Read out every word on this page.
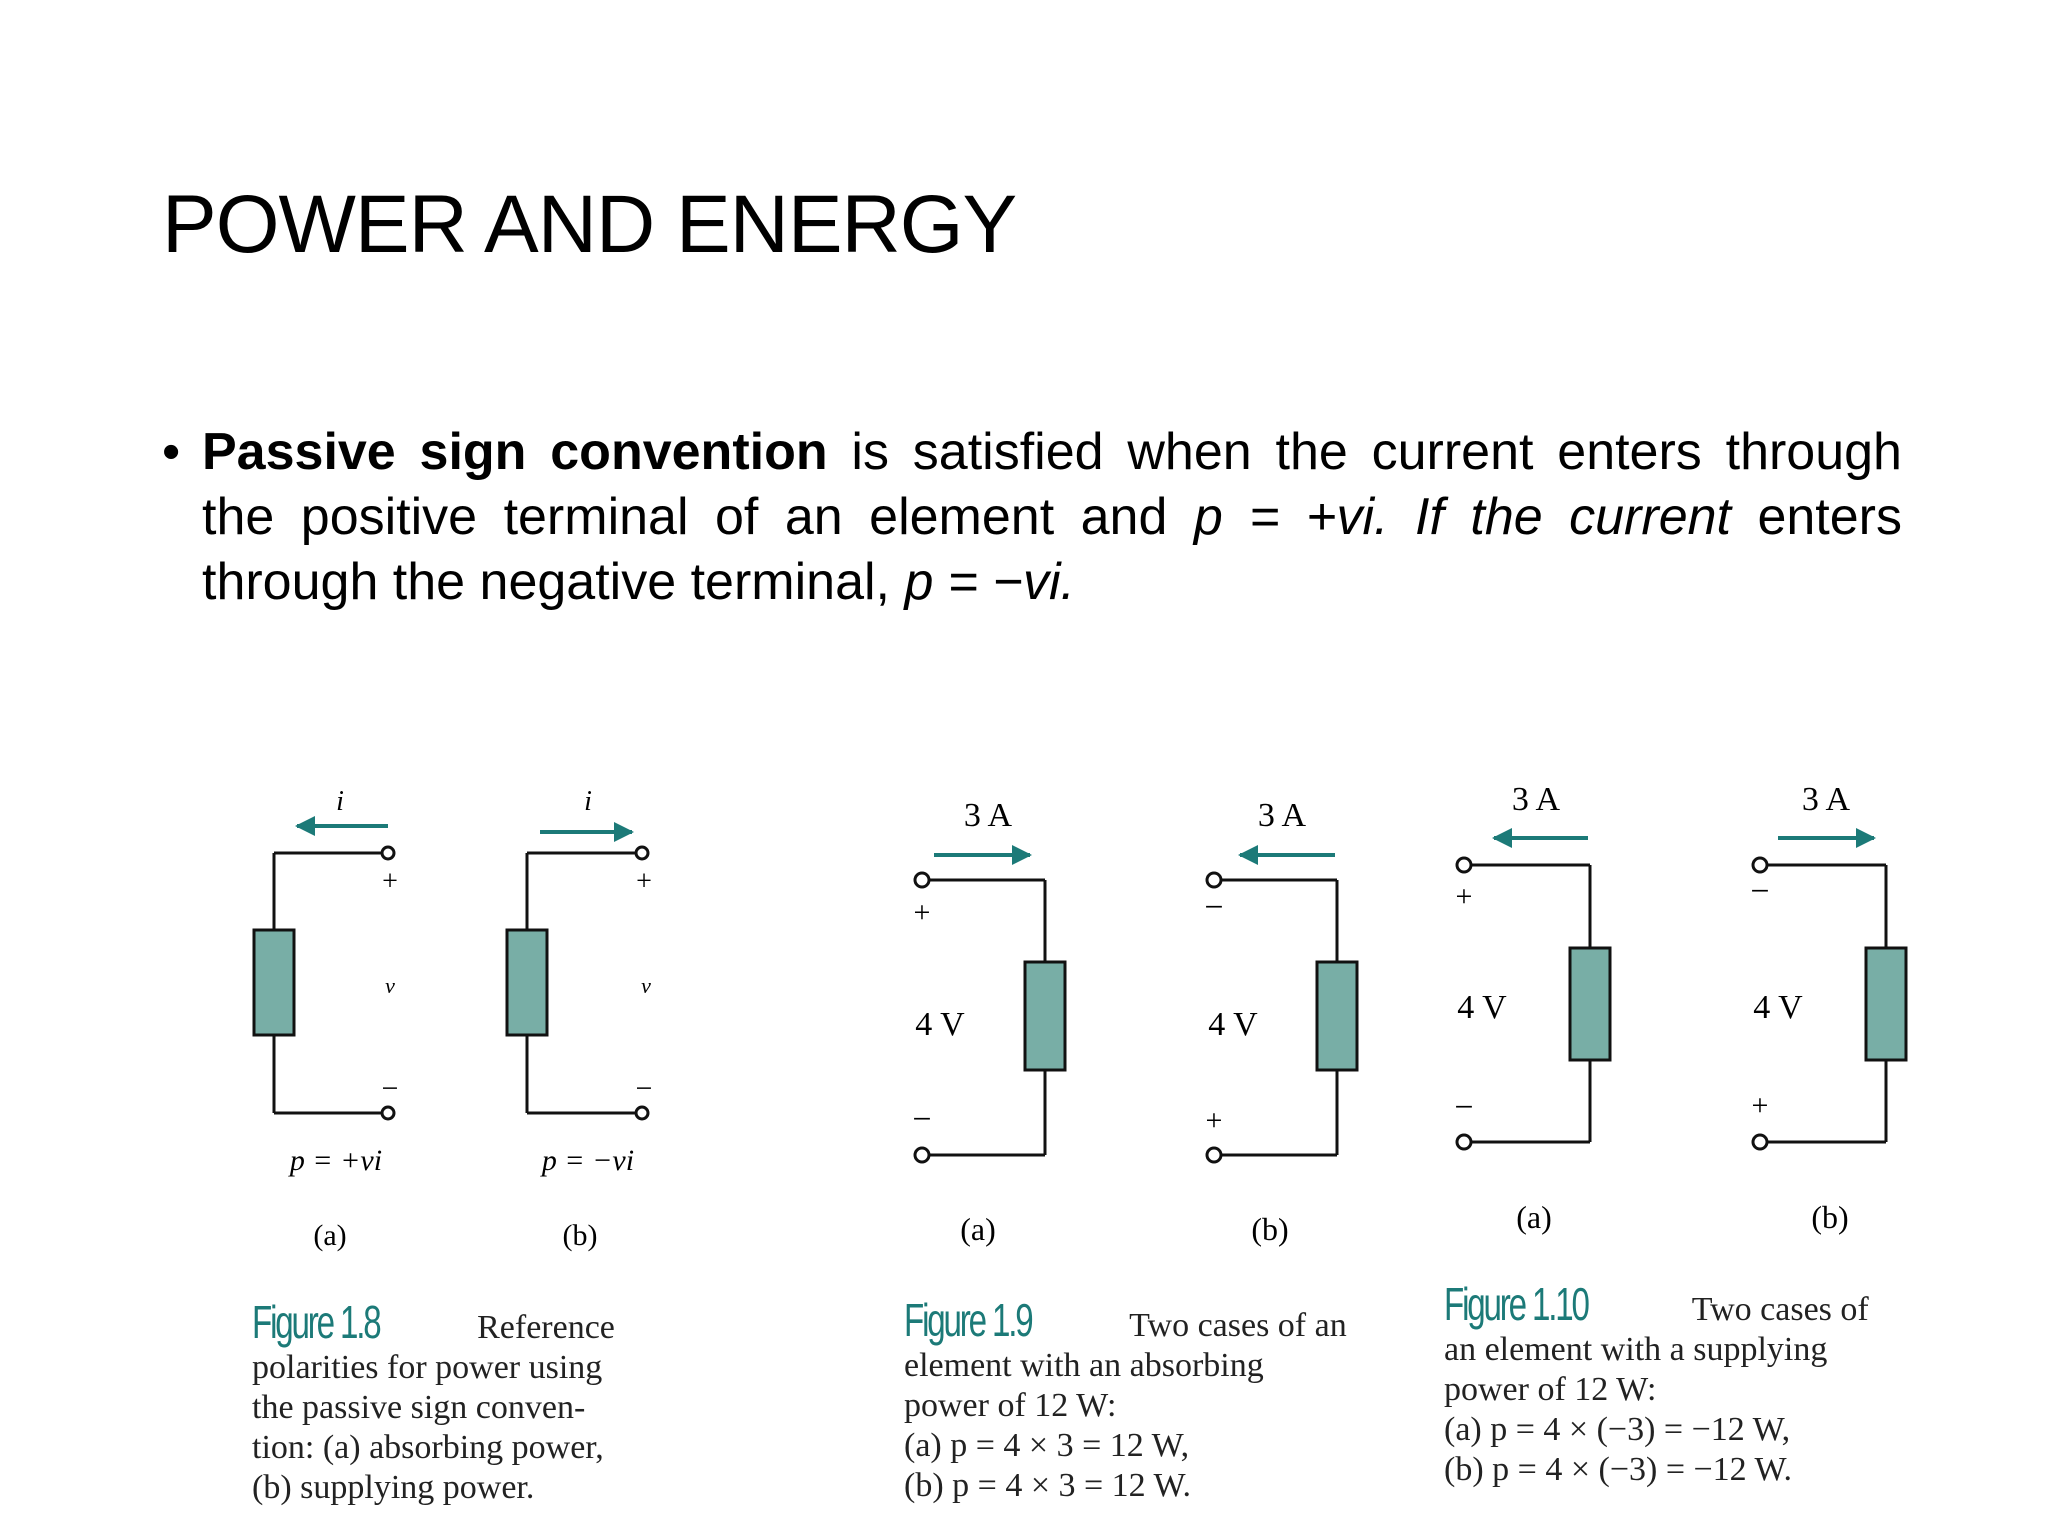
POWER AND ENERGY
• Passive sign convention is satisfied when the current enters through the positive terminal of an element and p = +vi. If the current enters through the negative terminal, p = −vi.
i
+
v
−
p = +vi
(a)
i
+
v
−
p = −vi
(b)
3 A
+
4 V
−
(a)
3 A
−
4 V
+
(b)
3 A
+
4 V
−
(a)
3 A
−
4 V
+
(b)
Figure 1.8	Reference
polarities for power using
the passive sign conven-
tion: (a) absorbing power,
(b) supplying power.
Figure 1.9	Two cases of an
element with an absorbing
power of 12 W:
(a) p = 4 × 3 = 12 W,
(b) p = 4 × 3 = 12 W.
Figure 1.10	Two cases of
an element with a supplying
power of 12 W:
(a) p = 4 × (−3) = −12 W,
(b) p = 4 × (−3) = −12 W.
